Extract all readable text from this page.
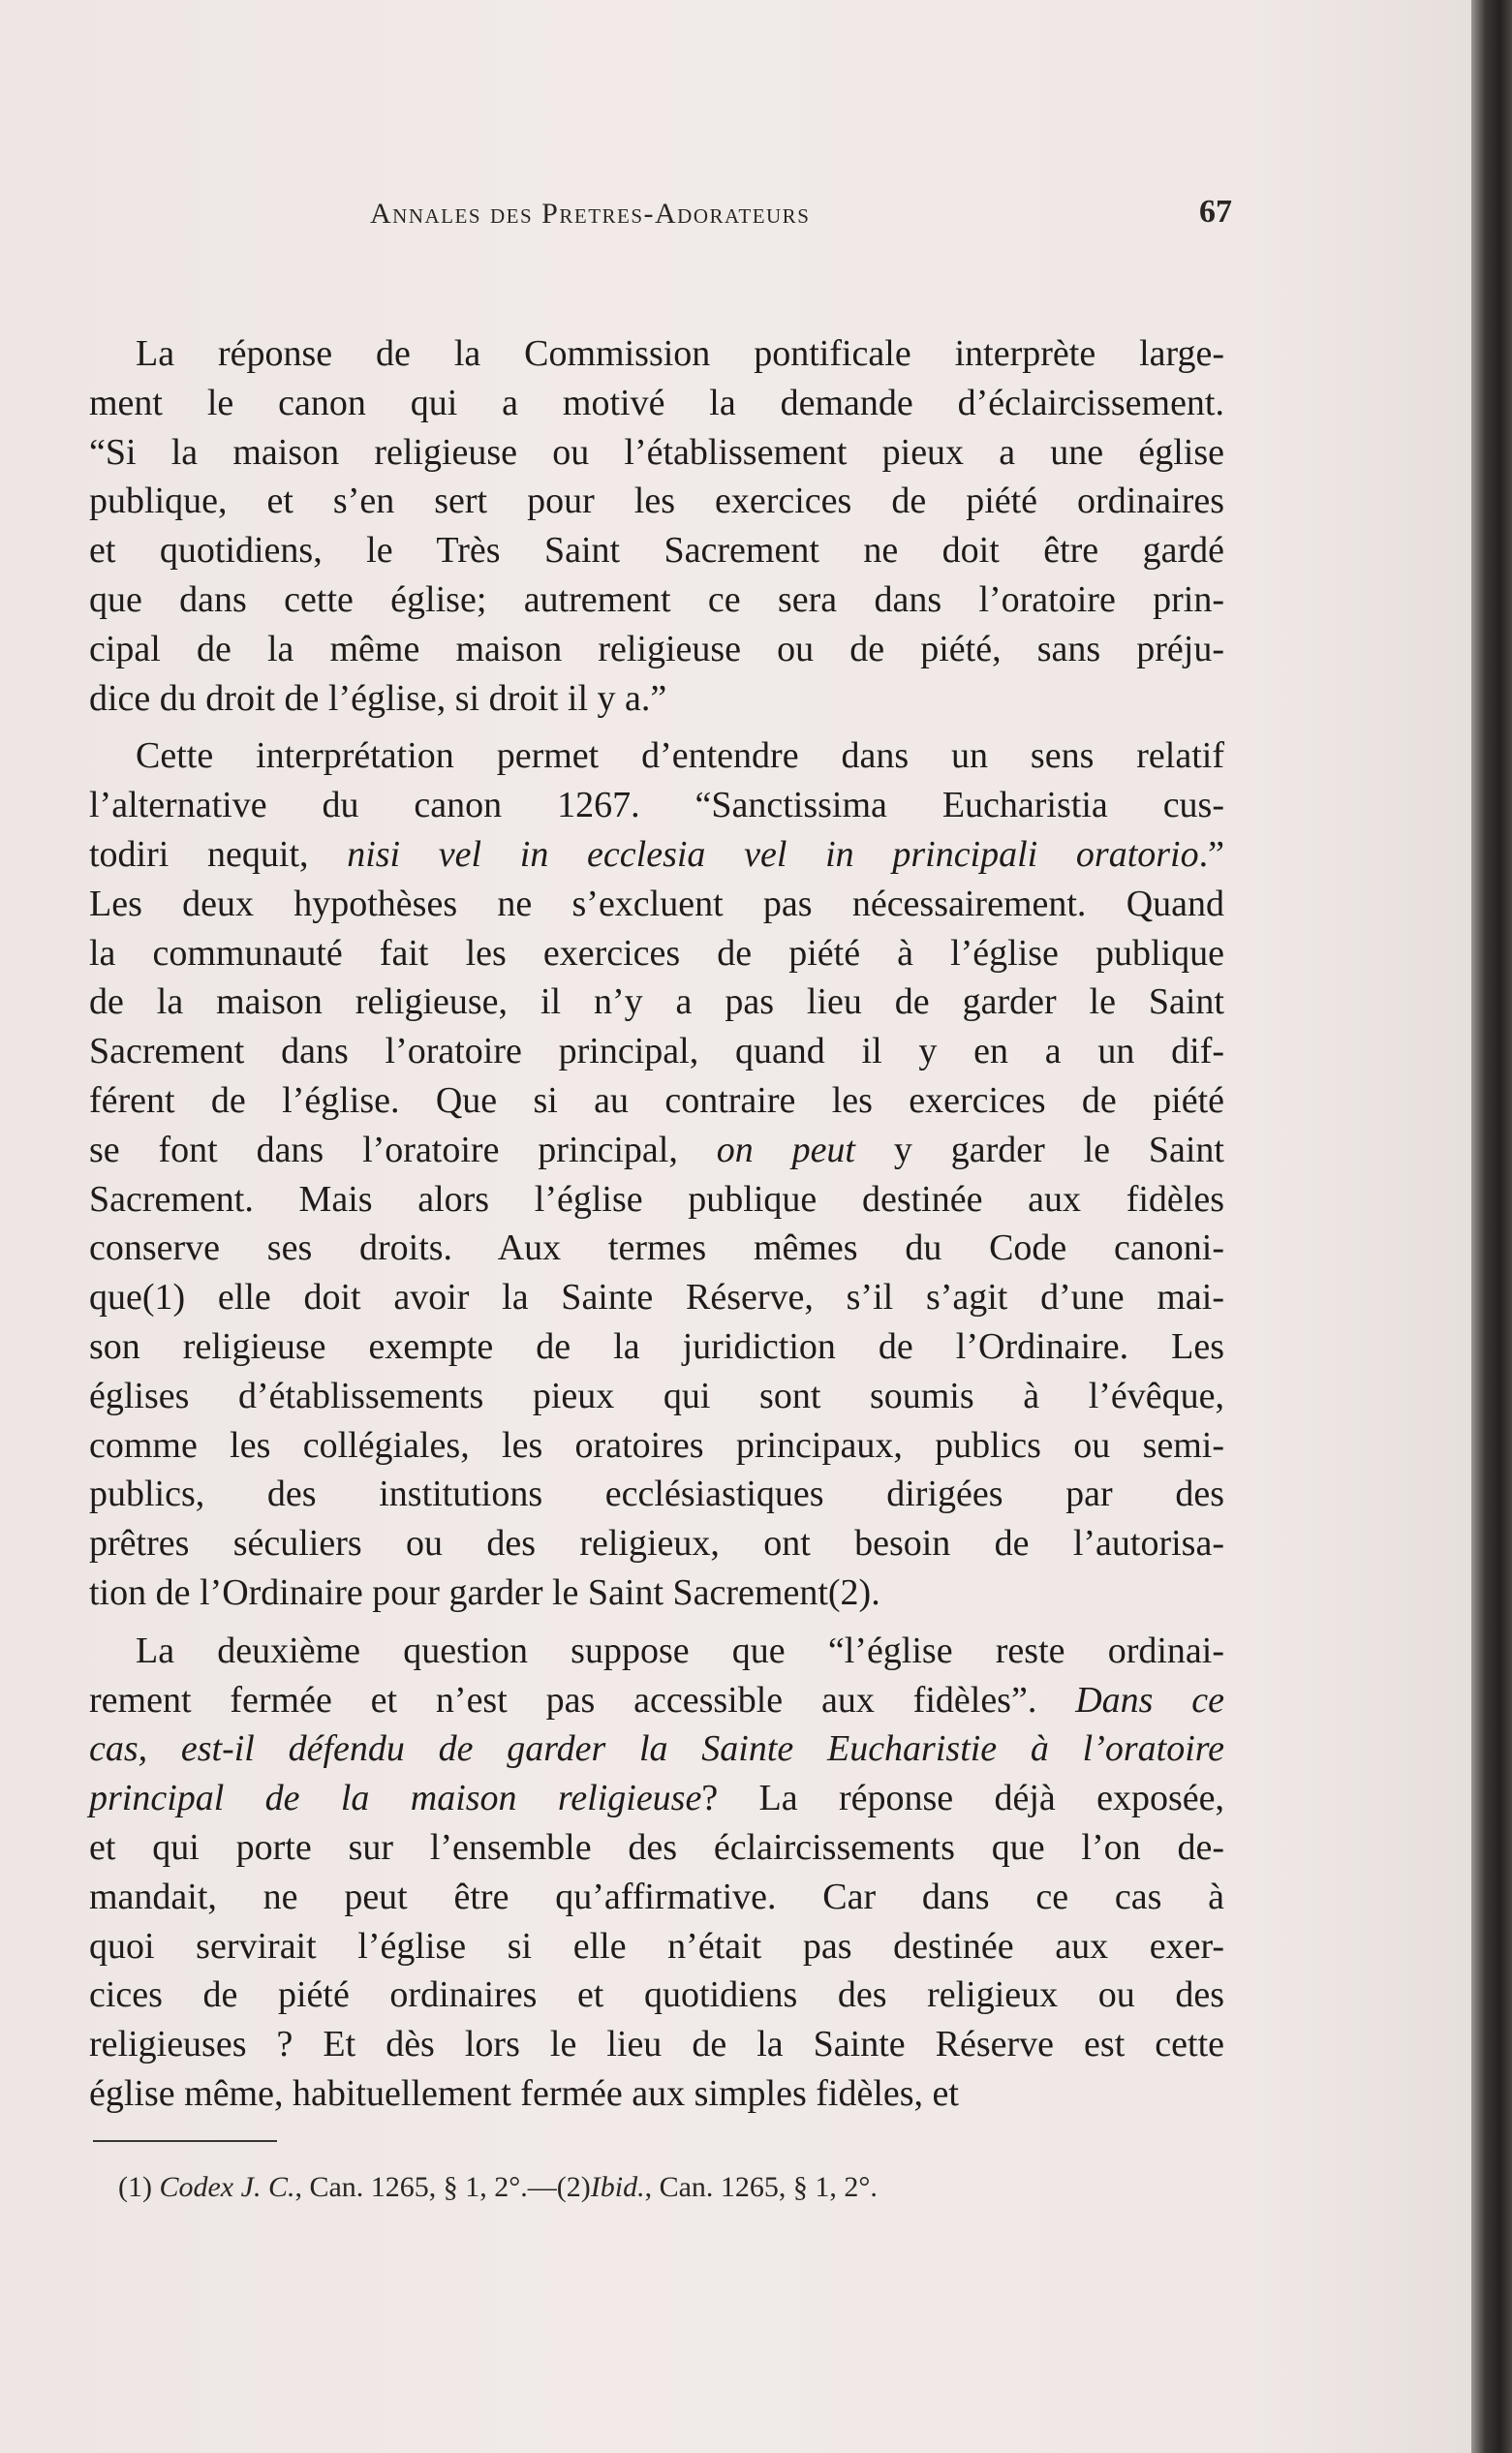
Annales des Pretres-Adorateurs	67
La réponse de la Commission pontificale interprète large-
ment le canon qui a motivé la demande d’éclaircissement.
“Si la maison religieuse ou l’établissement pieux a une église
publique, et s’en sert pour les exercices de piété ordinaires
et quotidiens, le Très Saint Sacrement ne doit être gardé
que dans cette église; autrement ce sera dans l’oratoire prin-
cipal de la même maison religieuse ou de piété, sans préju-
dice du droit de l’église, si droit il y a.”
Cette interprétation permet d’entendre dans un sens relatif
l’alternative du canon 1267. “Sanctissima Eucharistia cus-
todiri nequit, nisi vel in ecclesia vel in principali oratorio.”
Les deux hypothèses ne s’excluent pas nécessairement. Quand
la communauté fait les exercices de piété à l’église publique
de la maison religieuse, il n’y a pas lieu de garder le Saint
Sacrement dans l’oratoire principal, quand il y en a un dif-
férent de l’église. Que si au contraire les exercices de piété
se font dans l’oratoire principal, on peut y garder le Saint
Sacrement. Mais alors l’église publique destinée aux fidèles
conserve ses droits. Aux termes mêmes du Code canoni-
que(1) elle doit avoir la Sainte Réserve, s’il s’agit d’une mai-
son religieuse exempte de la juridiction de l’Ordinaire. Les
églises d’établissements pieux qui sont soumis à l’évêque,
comme les collégiales, les oratoires principaux, publics ou semi-
publics, des institutions ecclésiastiques dirigées par des
prêtres séculiers ou des religieux, ont besoin de l’autorisa-
tion de l’Ordinaire pour garder le Saint Sacrement(2).
La deuxième question suppose que “l’église reste ordinai-
rement fermée et n’est pas accessible aux fidèles”. Dans ce
cas, est-il défendu de garder la Sainte Eucharistie à l’oratoire
principal de la maison religieuse? La réponse déjà exposée,
et qui porte sur l’ensemble des éclaircissements que l’on de-
mandait, ne peut être qu’affirmative. Car dans ce cas à
quoi servirait l’église si elle n’était pas destinée aux exer-
cices de piété ordinaires et quotidiens des religieux ou des
religieuses ? Et dès lors le lieu de la Sainte Réserve est cette
église même, habituellement fermée aux simples fidèles, et
(1) Codex J. C., Can. 1265, § 1, 2°.—(2)Ibid., Can. 1265, § 1, 2°.
